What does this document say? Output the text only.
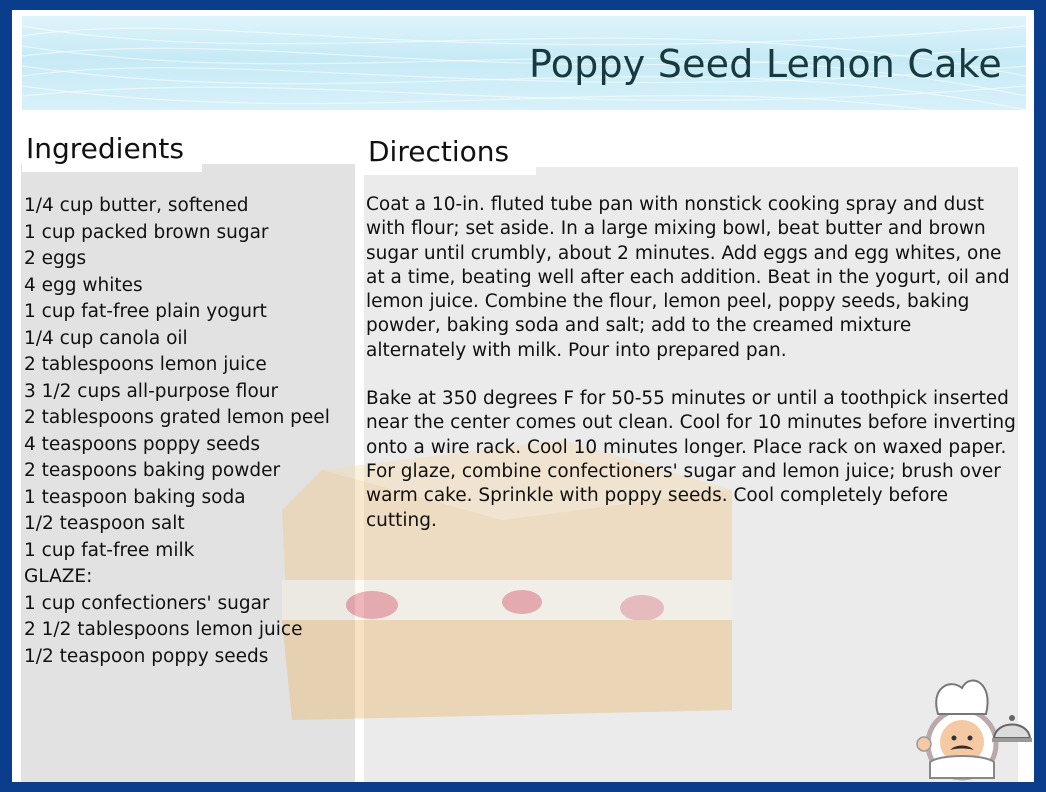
Poppy Seed Lemon Cake
Ingredients	Directions
1/4 cup butter, softened
1 cup packed brown sugar
2 eggs
4 egg whites
1 cup fat-free plain yogurt
1/4 cup canola oil
2 tablespoons lemon juice
3 1/2 cups all-purpose flour
2 tablespoons grated lemon peel
4 teaspoons poppy seeds
2 teaspoons baking powder
1 teaspoon baking soda
1/2 teaspoon salt
1 cup fat-free milk
GLAZE:
1 cup confectioners' sugar
2 1/2 tablespoons lemon juice
1/2 teaspoon poppy seeds

Coat a 10-in. fluted tube pan with nonstick cooking spray and dust with flour; set aside. In a large mixing bowl, beat butter and brown sugar until crumbly, about 2 minutes. Add eggs and egg whites, one at a time, beating well after each addition. Beat in the yogurt, oil and lemon juice. Combine the flour, lemon peel, poppy seeds, baking powder, baking soda and salt; add to the creamed mixture alternately with milk. Pour into prepared pan.

Bake at 350 degrees F for 50-55 minutes or until a toothpick inserted near the center comes out clean. Cool for 10 minutes before inverting onto a wire rack. Cool 10 minutes longer. Place rack on waxed paper. For glaze, combine confectioners' sugar and lemon juice; brush over warm cake. Sprinkle with poppy seeds. Cool completely before cutting.
